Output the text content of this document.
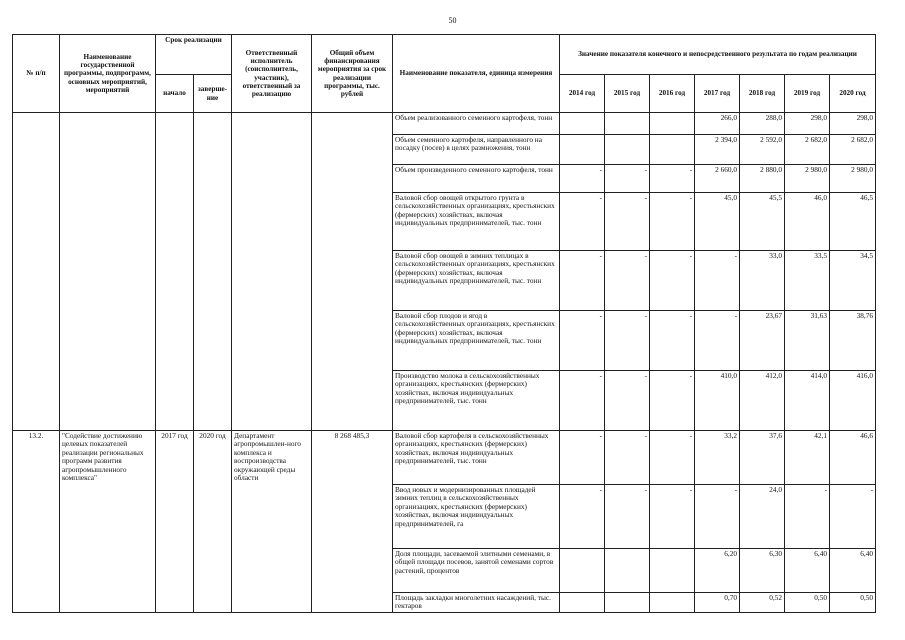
50
№ п/п	Наименование государственной программы, подпрограмм, основных мероприятий, мероприятий	Срок реализации		Ответственный исполнитель (соисполнитель, участник), ответственный за реализацию	Общий объем финансирования мероприятия за срок реализации программы, тыс. рублей	Наименование показателя, единица измерения	Значение показателя конечного и непосредственного результата по годам реализации						
		начало	заверше-ние				2014 год	2015 год	2016 год	2017 год	2018 год	2019 год	2020 год
						Объем реализованного семенного картофеля, тонн				266,0	288,0	298,0	298,0
						Объем семенного картофеля, направленного на посадку (посев) в целях размножения, тонн				2 394,0	2 592,0	2 682,0	2 682,0
						Объем произведенного семенного картофеля, тонн	-	-	-	2 660,0	2 880,0	2 980,0	2 980,0
						Валовой сбор овощей открытого грунта в сельскохозяйственных организациях, крестьянских (фермерских) хозяйствах, включая индивидуальных предпринимателей, тыс. тонн	-	-	-	45,0	45,5	46,0	46,5
						Валовой сбор овощей в зимних теплицах в сельскохозяйственных организациях, крестьянских (фермерских) хозяйствах, включая индивидуальных предпринимателей, тыс. тонн	-	-	-	-	33,0	33,5	34,5
						Валовой сбор плодов и ягод в сельскохозяйственных организациях, крестьянских (фермерских) хозяйствах, включая индивидуальных предпринимателей, тыс. тонн	-	-	-	-	23,67	31,63	38,76
						Производство молока в сельскохозяйственных организациях, крестьянских (фермерских) хозяйствах, включая индивидуальных предпринимателей, тыс. тонн	-	-	-	410,0	412,0	414,0	416,0
13.2.	"Содействие достижению целевых показателей реализации региональных программ развития агропромышленного комплекса"	2017 год	2020 год	Департамент агропромышлен-ного комплекса и воспроизводства окружающей среды области	8 268 485,3	Валовой сбор картофеля в сельскохозяйственных организациях, крестьянских (фермерских) хозяйствах, включая индивидуальных предпринимателей, тыс. тонн	-	-	-	33,2	37,6	42,1	46,6
						Ввод новых и модернизированных площадей зимних теплиц в сельскохозяйственных организациях, крестьянских (фермерских) хозяйствах, включая индивидуальных предпринимателей, га	-	-	-	-	24,0	-	-
						Доля площади, засеваемой элитными семенами, в общей площади посевов, занятой семенами сортов растений, процентов				6,20	6,30	6,40	6,40
						Площадь закладки многолетних насаждений, тыс. гектаров				0,70	0,52	0,50	0,50
